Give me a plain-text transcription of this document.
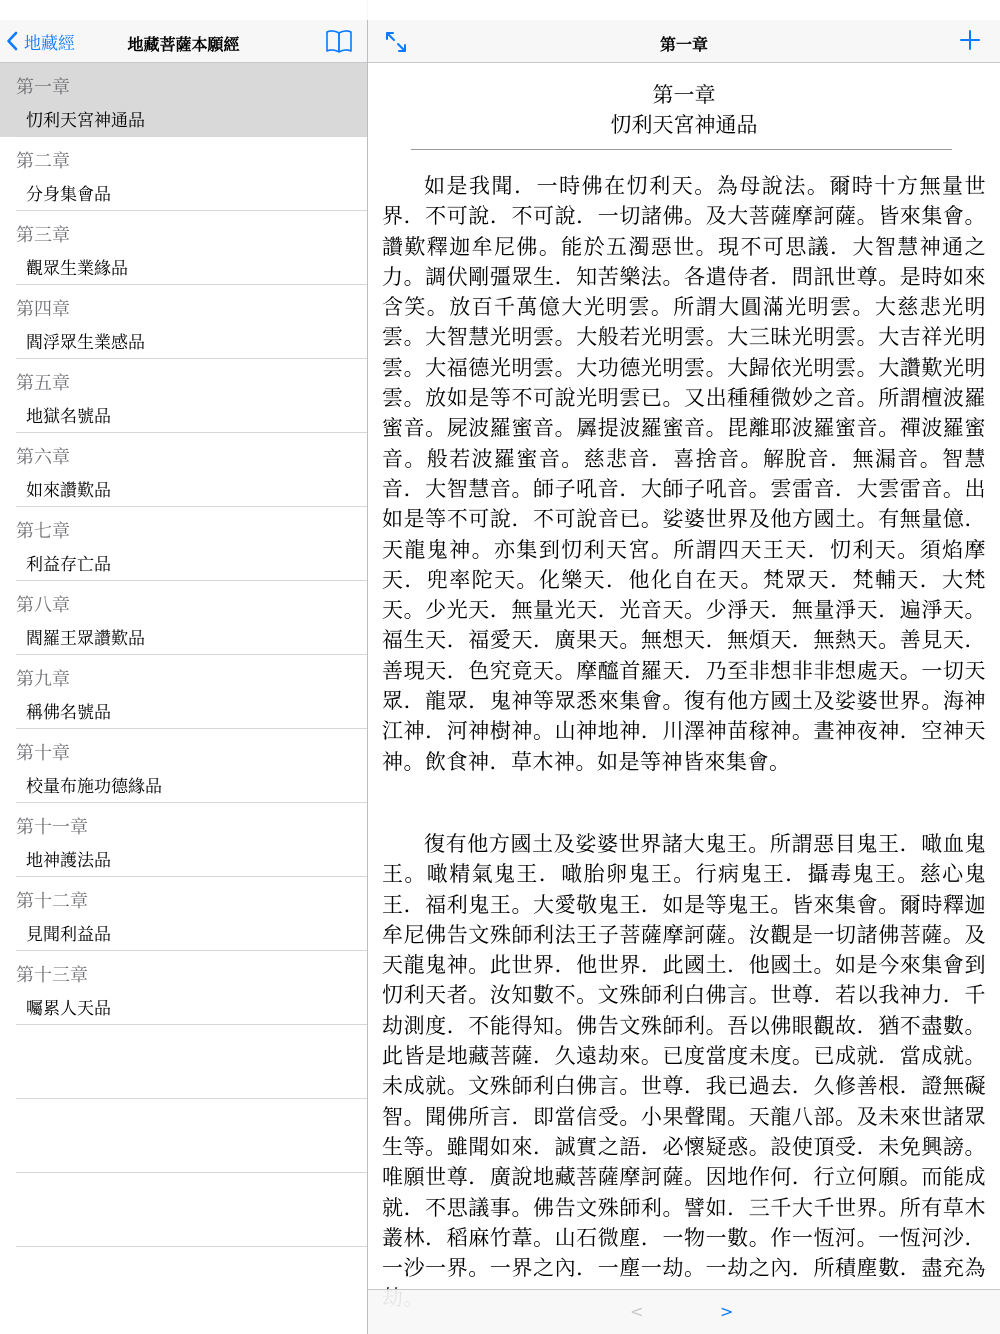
地藏經	地藏菩薩本願經
第一章
忉利天宮神通品
第二章
分身集會品
第三章
觀眾生業緣品
第四章
閻浮眾生業感品
第五章
地獄名號品
第六章
如來讚歎品
第七章
利益存亡品
第八章
閻羅王眾讚歎品
第九章
稱佛名號品
第十章
校量布施功德緣品
第十一章
地神護法品
第十二章
見聞利益品
第十三章
囑累人天品
第一章
第一章
忉利天宮神通品

如是我聞．一時佛在忉利天。為母說法。爾時十方無量世界．不可說．不可說．一切諸佛。及大菩薩摩訶薩。皆來集會。讚歎釋迦牟尼佛。能於五濁惡世。現不可思議．大智慧神通之力。調伏剛彊眾生．知苦樂法。各遣侍者．問訊世尊。是時如來含笑。放百千萬億大光明雲。所謂大圓滿光明雲。大慈悲光明雲。大智慧光明雲。大般若光明雲。大三昧光明雲。大吉祥光明雲。大福德光明雲。大功德光明雲。大歸依光明雲。大讚歎光明雲。放如是等不可說光明雲已。又出種種微妙之音。所謂檀波羅蜜音。屍波羅蜜音。羼提波羅蜜音。毘離耶波羅蜜音。禪波羅蜜音。般若波羅蜜音。慈悲音．喜捨音。解脫音．無漏音。智慧音．大智慧音。師子吼音．大師子吼音。雲雷音．大雲雷音。出如是等不可說．不可說音已。娑婆世界及他方國土。有無量億．天龍鬼神。亦集到忉利天宮。所謂四天王天．忉利天。須焰摩天．兜率陀天。化樂天．他化自在天。梵眾天．梵輔天．大梵天。少光天．無量光天．光音天。少淨天．無量淨天．遍淨天。福生天．福愛天．廣果天。無想天．無煩天．無熱天。善見天．善現天．色究竟天。摩醯首羅天．乃至非想非非想處天。一切天眾．龍眾．鬼神等眾悉來集會。復有他方國土及娑婆世界。海神江神．河神樹神。山神地神．川澤神苗稼神。晝神夜神．空神天神。飲食神．草木神。如是等神皆來集會。

復有他方國土及娑婆世界諸大鬼王。所謂惡目鬼王．噉血鬼王。噉精氣鬼王．噉胎卵鬼王。行病鬼王．攝毒鬼王。慈心鬼王．福利鬼王。大愛敬鬼王．如是等鬼王。皆來集會。爾時釋迦牟尼佛告文殊師利法王子菩薩摩訶薩。汝觀是一切諸佛菩薩。及天龍鬼神。此世界．他世界．此國土．他國土。如是今來集會到忉利天者。汝知數不。文殊師利白佛言。世尊．若以我神力．千劫測度．不能得知。佛告文殊師利。吾以佛眼觀故．猶不盡數。此皆是地藏菩薩．久遠劫來。已度當度未度。已成就．當成就。未成就。文殊師利白佛言。世尊．我已過去．久修善根．證無礙智。聞佛所言．即當信受。小果聲聞。天龍八部。及未來世諸眾生等。雖聞如來．誠實之語．必懷疑惑。設使頂受．未免興謗。唯願世尊．廣說地藏菩薩摩訶薩。因地作何．行立何願。而能成就．不思議事。佛告文殊師利。譬如．三千大千世界。所有草木叢林．稻麻竹葦。山石微塵．一物一數。作一恆河。一恆河沙．一沙一界。一界之內．一塵一劫。一劫之內．所積塵數．盡充為

<	>
